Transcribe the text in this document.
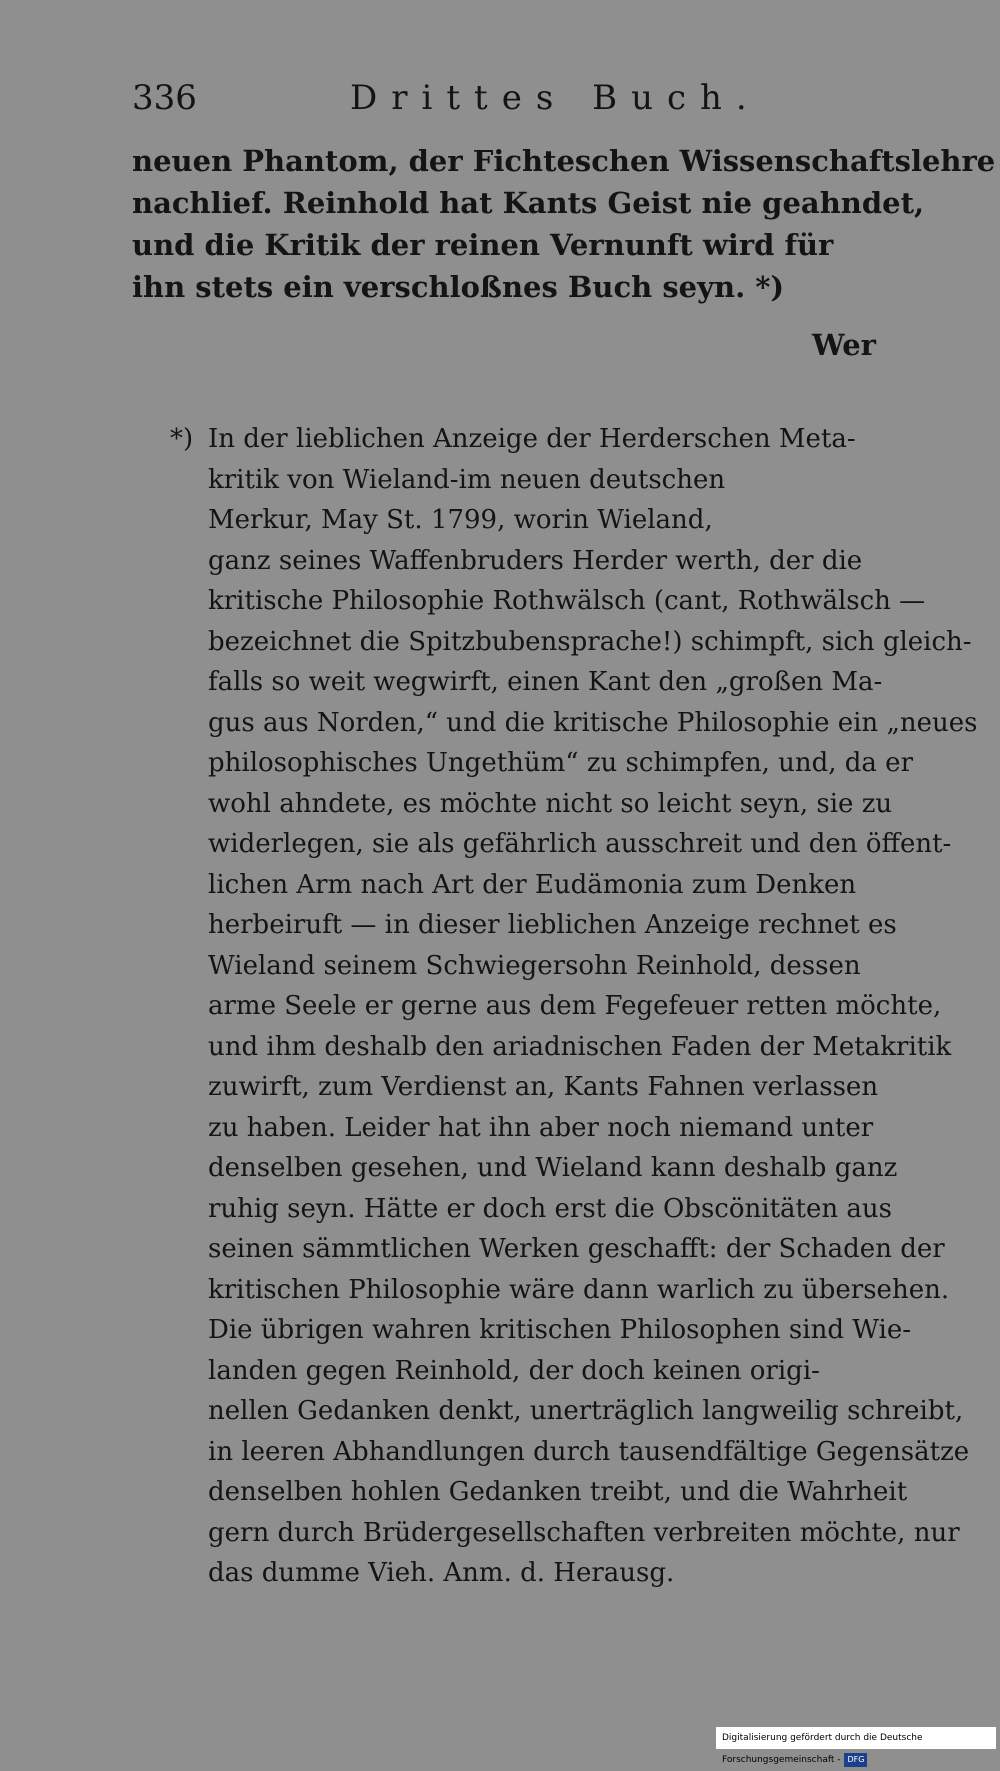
336	Drittes Buch.
neuen Phantom, der Fichteschen Wissenschaftslehre
nachlief. Reinhold hat Kants Geist nie geahndet,
und die Kritik der reinen Vernunft wird für
ihn stets ein verschloßnes Buch seyn. *)
Wer
*) In der lieblichen Anzeige der Herderschen Meta-
kritik von Wieland-im neuen deutschen
Merkur, May St. 1799, worin Wieland,
ganz seines Waffenbruders Herder werth, der die
kritische Philosophie Rothwälsch (cant, Rothwälsch —
bezeichnet die Spitzbubensprache!) schimpft, sich gleich-
falls so weit wegwirft, einen Kant den „großen Ma-
gus aus Norden,“ und die kritische Philosophie ein „neues
philosophisches Ungethüm“ zu schimpfen, und, da er
wohl ahndete, es möchte nicht so leicht seyn, sie zu
widerlegen, sie als gefährlich ausschreit und den öffent-
lichen Arm nach Art der Eudämonia zum Denken
herbeiruft — in dieser lieblichen Anzeige rechnet es
Wieland seinem Schwiegersohn Reinhold, dessen
arme Seele er gerne aus dem Fegefeuer retten möchte,
und ihm deshalb den ariadnischen Faden der Metakritik
zuwirft, zum Verdienst an, Kants Fahnen verlassen
zu haben. Leider hat ihn aber noch niemand unter
denselben gesehen, und Wieland kann deshalb ganz
ruhig seyn. Hätte er doch erst die Obscönitäten aus
seinen sämmtlichen Werken geschafft: der Schaden der
kritischen Philosophie wäre dann warlich zu übersehen.
Die übrigen wahren kritischen Philosophen sind Wie-
landen gegen Reinhold, der doch keinen origi-
nellen Gedanken denkt, unerträglich langweilig schreibt,
in leeren Abhandlungen durch tausendfältige Gegensätze
denselben hohlen Gedanken treibt, und die Wahrheit
gern durch Brüdergesellschaften verbreiten möchte, nur
das dumme Vieh. Anm. d. Herausg.
Digitalisierung gefördert durch die Deutsche Forschungsgemeinschaft - DFG
